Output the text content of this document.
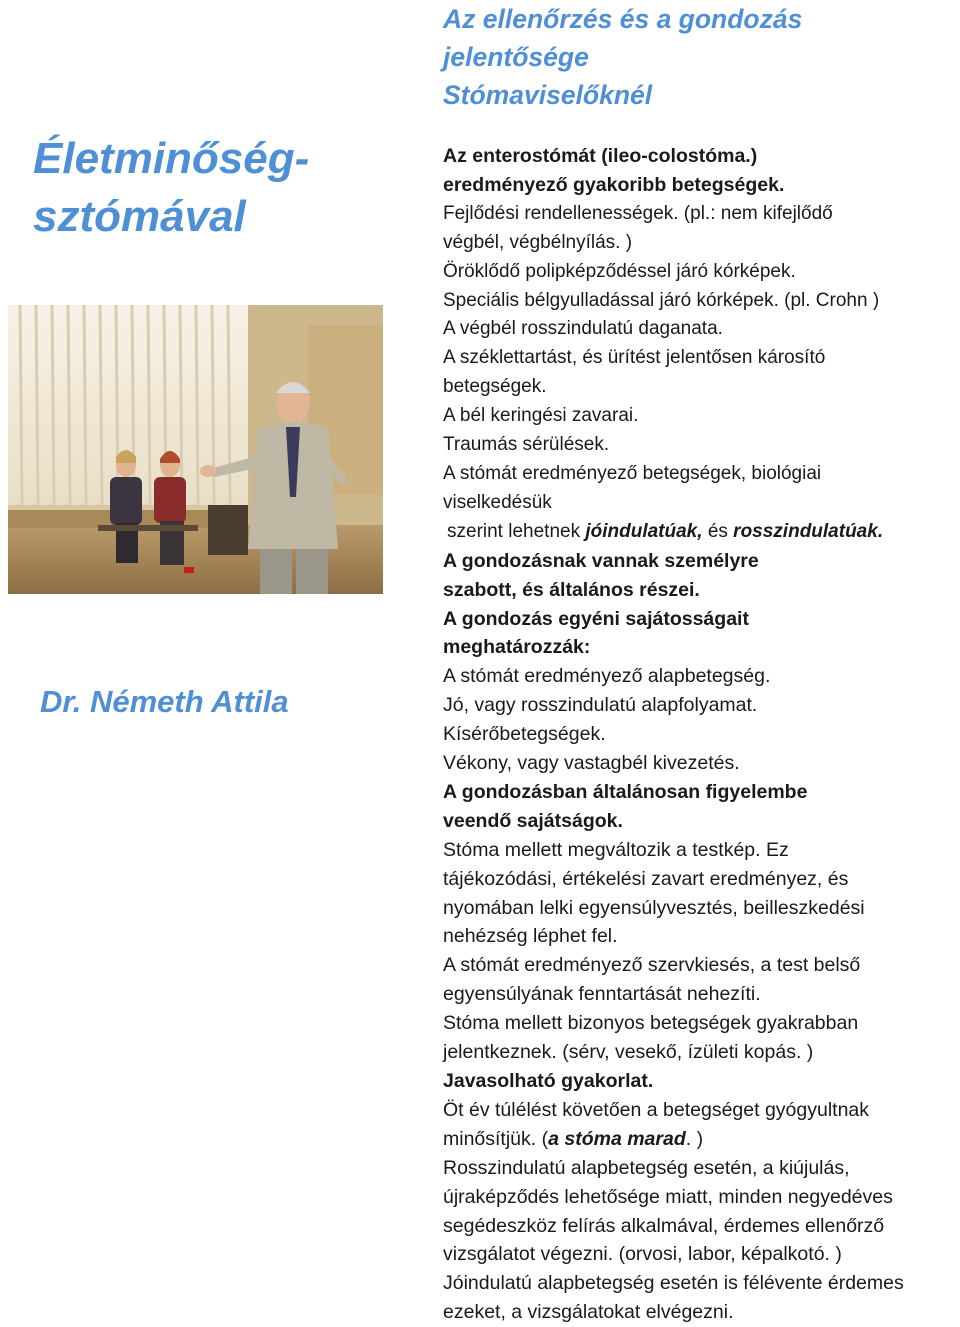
Életminőség-
sztómával

Dr. Németh Attila

Az ellenőrzés és a gondozás
jelentősége
Stómaviselőknél
Az enterostómát (ileo-colostóma.)
eredményező gyakoribb betegségek.
Fejlődési rendellenességek. (pl.: nem kifejlődő
végbél, végbélnyílás. )
Öröklődő polipképződéssel járó kórképek.
Speciális bélgyulladással járó kórképek. (pl. Crohn )
A végbél rosszindulatú daganata.
A széklettartást, és ürítést jelentősen károsító
betegségek.
A bél keringési zavarai.
Traumás sérülések.
A stómát eredményező betegségek, biológiai
viselkedésük
szerint lehetnek jóindulatúak, és rosszindulatúak.
A gondozásnak vannak személyre
szabott, és általános részei.
A gondozás egyéni sajátosságait
meghatározzák:
A stómát eredményező alapbetegség.
Jó, vagy rosszindulatú alapfolyamat.
Kísérőbetegségek.
Vékony, vagy vastagbél kivezetés.
A gondozásban általánosan figyelembe
veendő sajátságok.
Stóma mellett megváltozik a testkép. Ez
tájékozódási, értékelési zavart eredményez, és
nyomában lelki egyensúlyvesztés, beilleszkedési
nehézség léphet fel.
A stómát eredményező szervkiesés, a test belső
egyensúlyának fenntartását nehezíti.
Stóma mellett bizonyos betegségek gyakrabban
jelentkeznek. (sérv, vesekő, ízületi kopás. )
Javasolható gyakorlat.
Öt év túlélést követően a betegséget gyógyultnak
minősítjük. (a stóma marad. )
Rosszindulatú alapbetegség esetén, a kiújulás,
újraképződés lehetősége miatt, minden negyedéves
segédeszköz felírás alkalmával, érdemes ellenőrző
vizsgálatot végezni. (orvosi, labor, képalkotó. )
Jóindulatú alapbetegség esetén is félévente érdemes
ezeket, a vizsgálatokat elvégezni.
